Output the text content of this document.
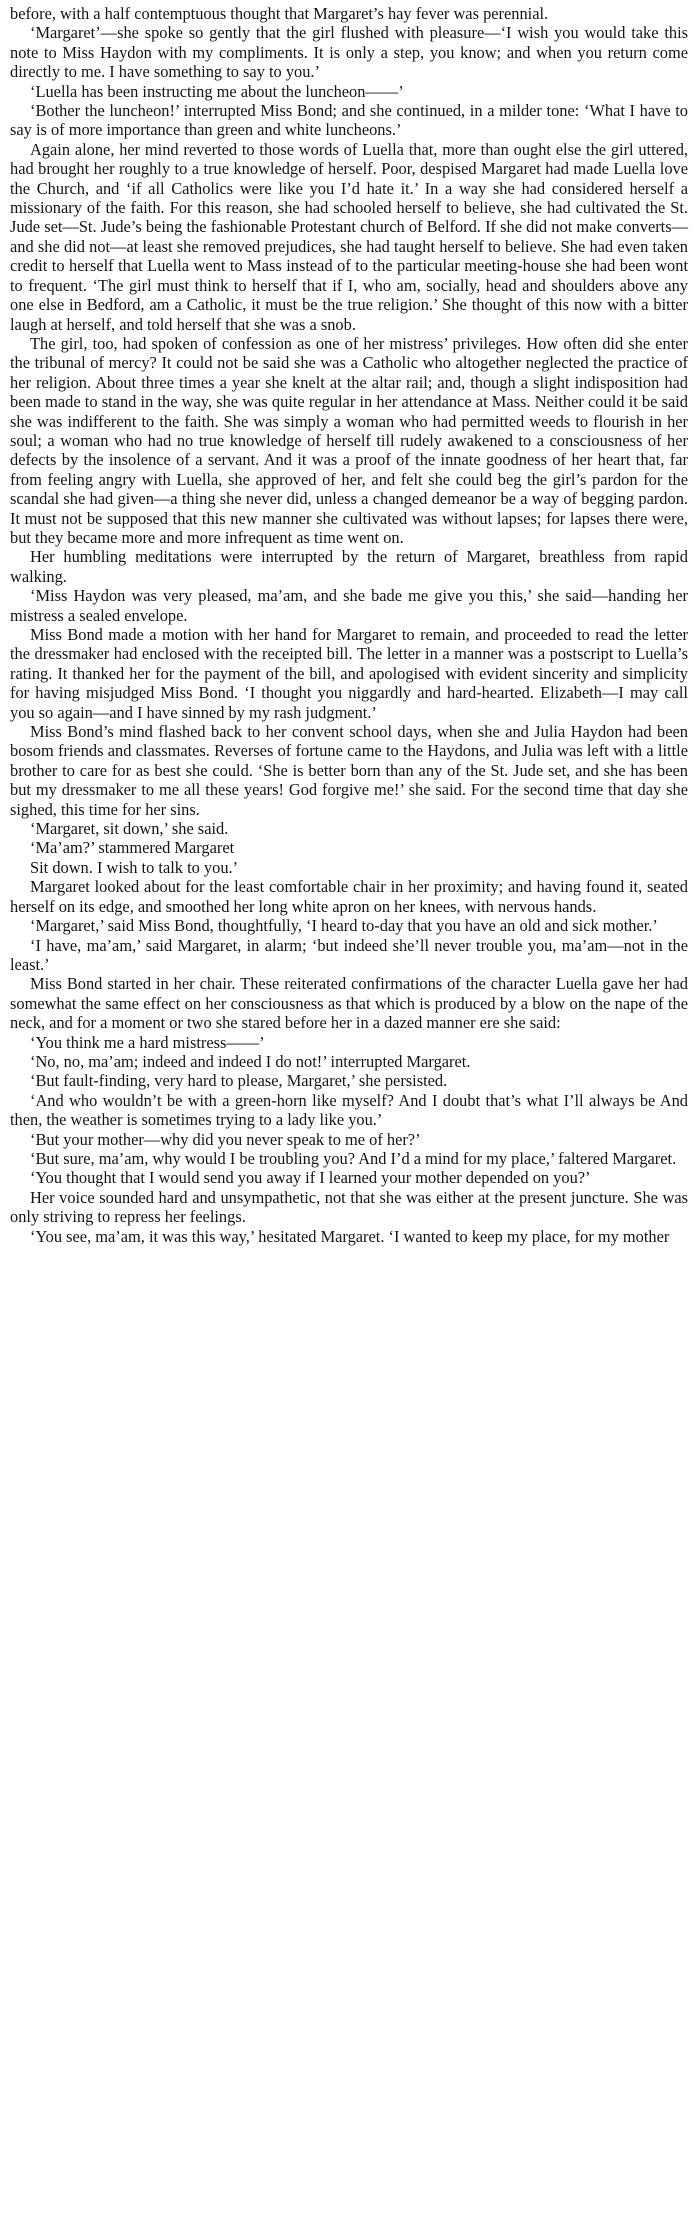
before, with a half contemptuous thought that Margaret’s hay fever was perennial.

‘Margaret’—she spoke so gently that the girl flushed with pleasure—‘I wish you would take this note to Miss Haydon with my compliments. It is only a step, you know; and when you return come directly to me. I have something to say to you.’

‘Luella has been instructing me about the luncheon——’

‘Bother the luncheon!’ interrupted Miss Bond; and she continued, in a milder tone: ‘What I have to say is of more importance than green and white luncheons.’

Again alone, her mind reverted to those words of Luella that, more than ought else the girl uttered, had brought her roughly to a true knowledge of herself. Poor, despised Margaret had made Luella love the Church, and ‘if all Catholics were like you I’d hate it.’ In a way she had considered herself a missionary of the faith. For this reason, she had schooled herself to believe, she had cultivated the St. Jude set—St. Jude’s being the fashionable Protestant church of Belford. If she did not make converts—and she did not—at least she removed prejudices, she had taught herself to believe. She had even taken credit to herself that Luella went to Mass instead of to the particular meeting-house she had been wont to frequent. ‘The girl must think to herself that if I, who am, socially, head and shoulders above any one else in Bedford, am a Catholic, it must be the true religion.’ She thought of this now with a bitter laugh at herself, and told herself that she was a snob.

The girl, too, had spoken of confession as one of her mistress’ privileges. How often did she enter the tribunal of mercy? It could not be said she was a Catholic who altogether neglected the practice of her religion. About three times a year she knelt at the altar rail; and, though a slight indisposition had been made to stand in the way, she was quite regular in her attendance at Mass. Neither could it be said she was indifferent to the faith. She was simply a woman who had permitted weeds to flourish in her soul; a woman who had no true knowledge of herself till rudely awakened to a consciousness of her defects by the insolence of a servant. And it was a proof of the innate goodness of her heart that, far from feeling angry with Luella, she approved of her, and felt she could beg the girl’s pardon for the scandal she had given—a thing she never did, unless a changed demeanor be a way of begging pardon. It must not be supposed that this new manner she cultivated was without lapses; for lapses there were, but they became more and more infrequent as time went on.

Her humbling meditations were interrupted by the return of Margaret, breathless from rapid walking.

‘Miss Haydon was very pleased, ma’am, and she bade me give you this,’ she said—handing her mistress a sealed envelope.

Miss Bond made a motion with her hand for Margaret to remain, and proceeded to read the letter the dressmaker had enclosed with the receipted bill. The letter in a manner was a postscript to Luella’s rating. It thanked her for the payment of the bill, and apologised with evident sincerity and simplicity for having misjudged Miss Bond. ‘I thought you niggardly and hard-hearted. Elizabeth—I may call you so again—and I have sinned by my rash judgment.’

Miss Bond’s mind flashed back to her convent school days, when she and Julia Haydon had been bosom friends and classmates. Reverses of fortune came to the Haydons, and Julia was left with a little brother to care for as best she could. ‘She is better born than any of the St. Jude set, and she has been but my dressmaker to me all these years! God forgive me!’ she said. For the second time that day she sighed, this time for her sins.

‘Margaret, sit down,’ she said.

‘Ma’am?’ stammered Margaret

Sit down. I wish to talk to you.’

Margaret looked about for the least comfortable chair in her proximity; and having found it, seated herself on its edge, and smoothed her long white apron on her knees, with nervous hands.

‘Margaret,’ said Miss Bond, thoughtfully, ‘I heard to-day that you have an old and sick mother.’

‘I have, ma’am,’ said Margaret, in alarm; ‘but indeed she’ll never trouble you, ma’am—not in the least.’

Miss Bond started in her chair. These reiterated confirmations of the character Luella gave her had somewhat the same effect on her consciousness as that which is produced by a blow on the nape of the neck, and for a moment or two she stared before her in a dazed manner ere she said:

‘You think me a hard mistress——’

‘No, no, ma’am; indeed and indeed I do not!’ interrupted Margaret.

‘But fault-finding, very hard to please, Margaret,’ she persisted.

‘And who wouldn’t be with a green-horn like myself? And I doubt that’s what I’ll always be And then, the weather is sometimes trying to a lady like you.’

‘But your mother—why did you never speak to me of her?’

‘But sure, ma’am, why would I be troubling you? And I’d a mind for my place,’ faltered Margaret.

‘You thought that I would send you away if I learned your mother depended on you?’

Her voice sounded hard and unsympathetic, not that she was either at the present juncture. She was only striving to repress her feelings.

‘You see, ma’am, it was this way,’ hesitated Margaret. ‘I wanted to keep my place, for my mother
